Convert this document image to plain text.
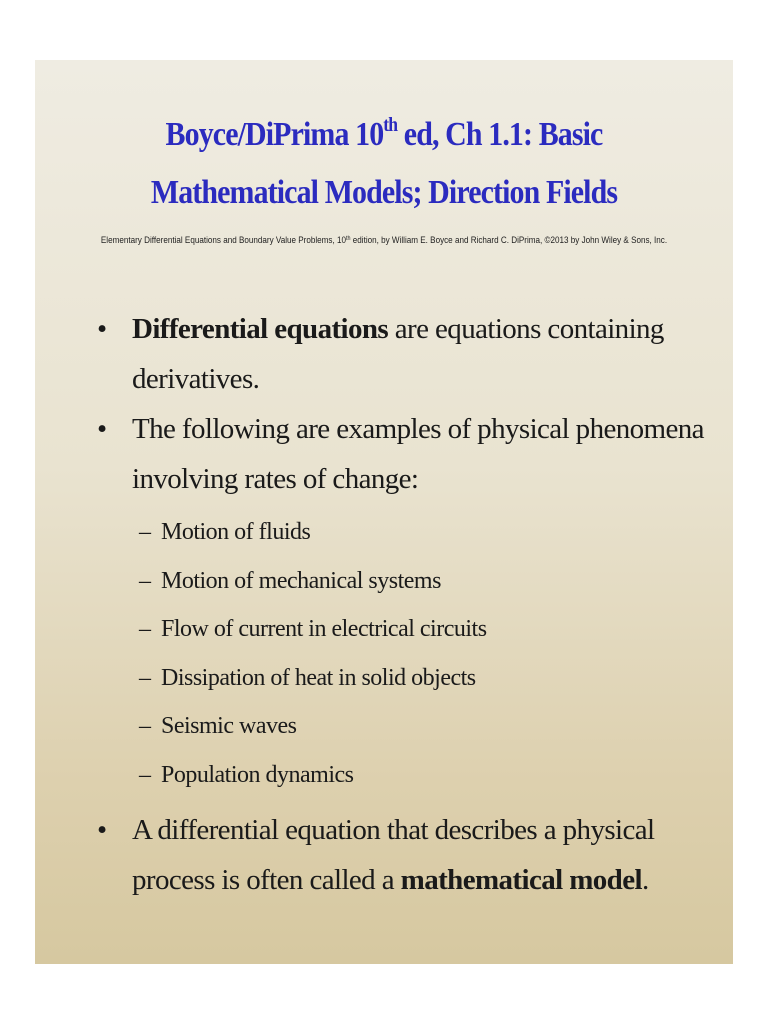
Boyce/DiPrima 10th ed, Ch 1.1: Basic
Mathematical Models; Direction Fields
Elementary Differential Equations and Boundary Value Problems, 10th edition, by William E. Boyce and Richard C. DiPrima, ©2013 by John Wiley & Sons, Inc.
• Differential equations are equations containing derivatives.
• The following are examples of physical phenomena involving rates of change:
– Motion of fluids
– Motion of mechanical systems
– Flow of current in electrical circuits
– Dissipation of heat in solid objects
– Seismic waves
– Population dynamics
• A differential equation that describes a physical process is often called a mathematical model.
